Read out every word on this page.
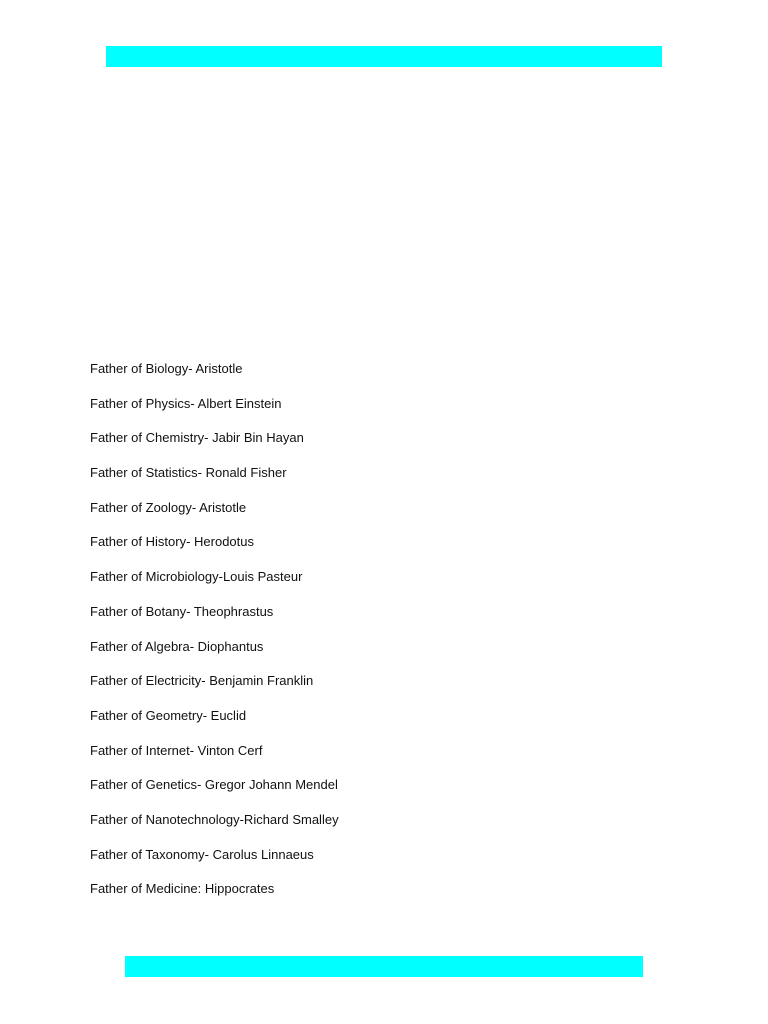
Father of Biology- Aristotle
Father of Physics- Albert Einstein
Father of Chemistry- Jabir Bin Hayan
Father of Statistics- Ronald Fisher
Father of Zoology- Aristotle
Father of History- Herodotus
Father of Microbiology-Louis Pasteur
Father of Botany- Theophrastus
Father of Algebra- Diophantus
Father of Electricity- Benjamin Franklin
Father of Geometry- Euclid
Father of Internet- Vinton Cerf
Father of Genetics- Gregor Johann Mendel
Father of Nanotechnology-Richard Smalley
Father of Taxonomy- Carolus Linnaeus
Father of Medicine: Hippocrates
